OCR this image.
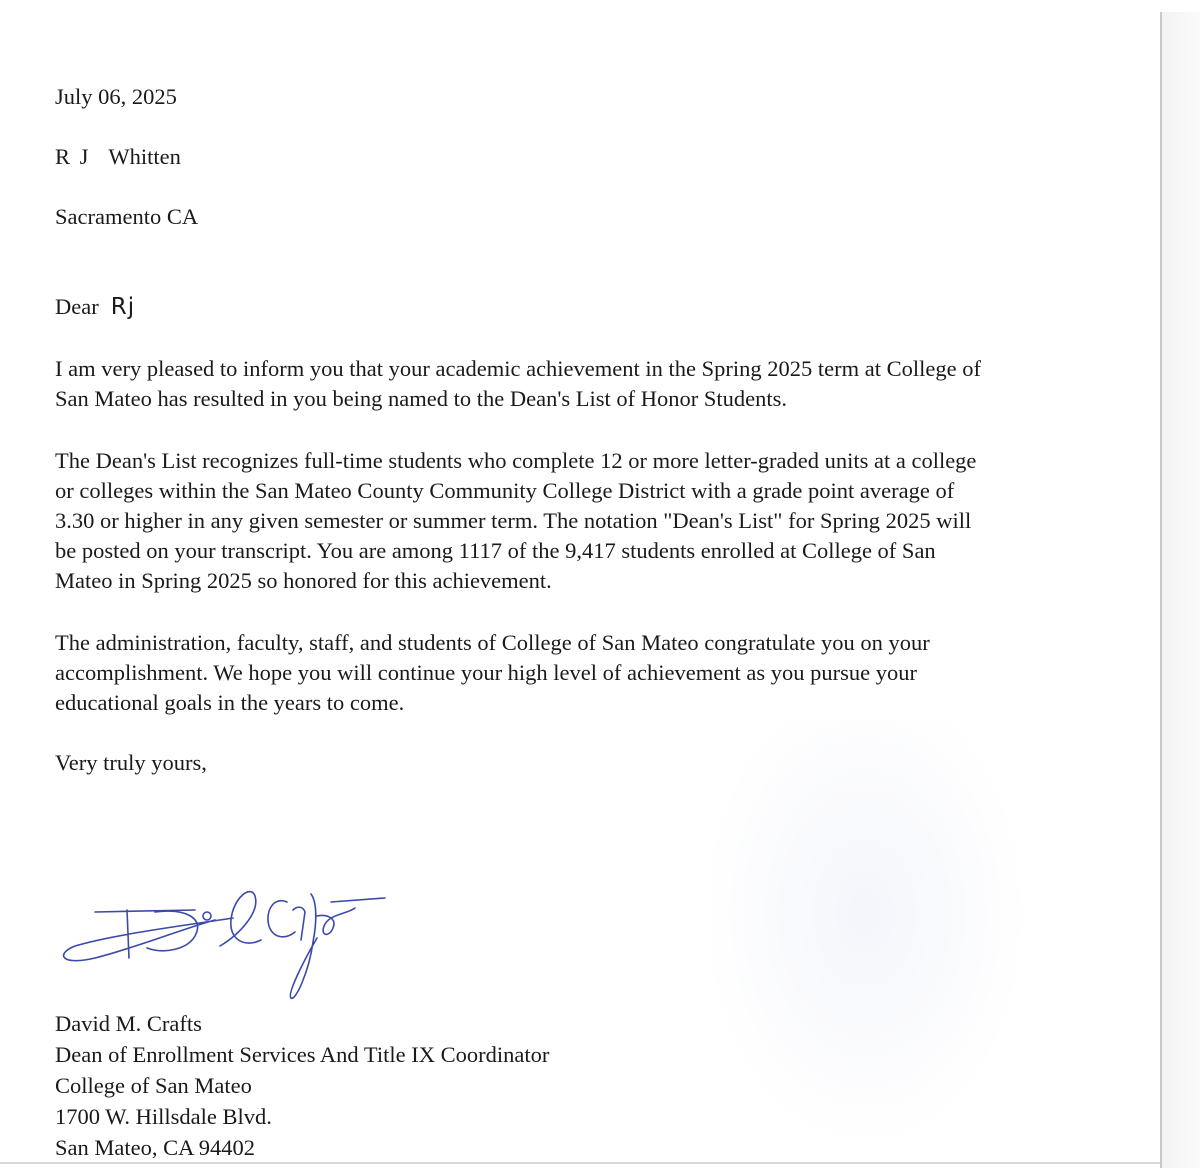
July 06, 2025
R J Whitten
Sacramento CA
Dear Rj
I am very pleased to inform you that your academic achievement in the Spring 2025 term at College of
San Mateo has resulted in you being named to the Dean's List of Honor Students.
The Dean's List recognizes full-time students who complete 12 or more letter-graded units at a college
or colleges within the San Mateo County Community College District with a grade point average of
3.30 or higher in any given semester or summer term. The notation "Dean's List" for Spring 2025 will
be posted on your transcript. You are among 1117 of the 9,417 students enrolled at College of San
Mateo in Spring 2025 so honored for this achievement.
The administration, faculty, staff, and students of College of San Mateo congratulate you on your
accomplishment. We hope you will continue your high level of achievement as you pursue your
educational goals in the years to come.
Very truly yours,
David M. Crafts
Dean of Enrollment Services And Title IX Coordinator
College of San Mateo
1700 W. Hillsdale Blvd.
San Mateo, CA 94402
